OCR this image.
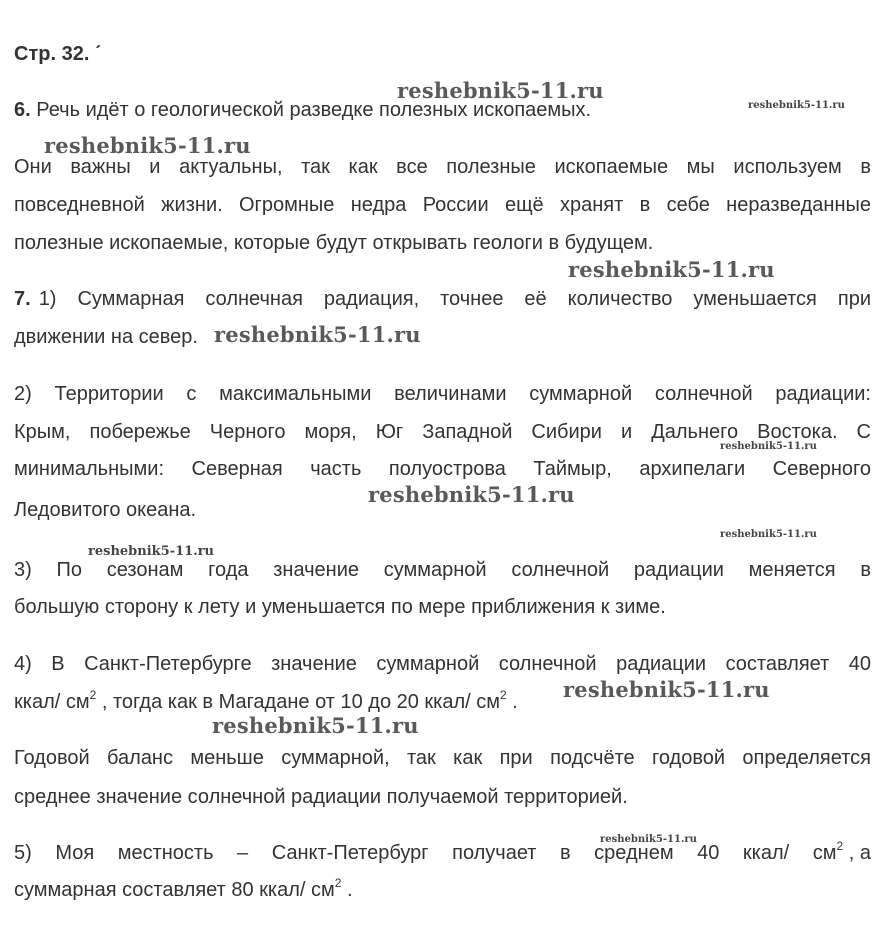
Стр. 32. ˊ
6. Речь идёт о геологической разведке полезных ископаемых.
Они важны и актуальны, так как все полезные ископаемые мы используем в
повседневной жизни. Огромные недра России ещё хранят в себе неразведанные
полезные ископаемые, которые будут открывать геологи в будущем.
7. 1) Суммарная солнечная радиация, точнее её количество уменьшается при
движении на север.
2) Территории с максимальными величинами суммарной солнечной радиации:
Крым, побережье Черного моря, Юг Западной Сибири и Дальнего Востока. С
минимальными: Северная часть полуострова Таймыр, архипелаги Северного
Ледовитого океана.
3) По сезонам года значение суммарной солнечной радиации меняется в
большую сторону к лету и уменьшается по мере приближения к зиме.
4) В Санкт-Петербурге значение суммарной солнечной радиации составляет 40
ккал/ $см^2$ , тогда как в Магадане от 10 до 20 ккал/ $см^2$ .
Годовой баланс меньше суммарной, так как при подсчёте годовой определяется
среднее значение солнечной радиации получаемой территорией.
5) Моя местность – Санкт-Петербург получает в среднем 40 ккал/ $см^2$ , а
суммарная составляет 80 ккал/ $см^2$ .
reshebnik5-11.ru
reshebnik5-11.ru
reshebnik5-11.ru
reshebnik5-11.ru
reshebnik5-11.ru
reshebnik5-11.ru
reshebnik5-11.ru
reshebnik5-11.ru
reshebnik5-11.ru
reshebnik5-11.ru
reshebnik5-11.ru
reshebnik5-11.ru
